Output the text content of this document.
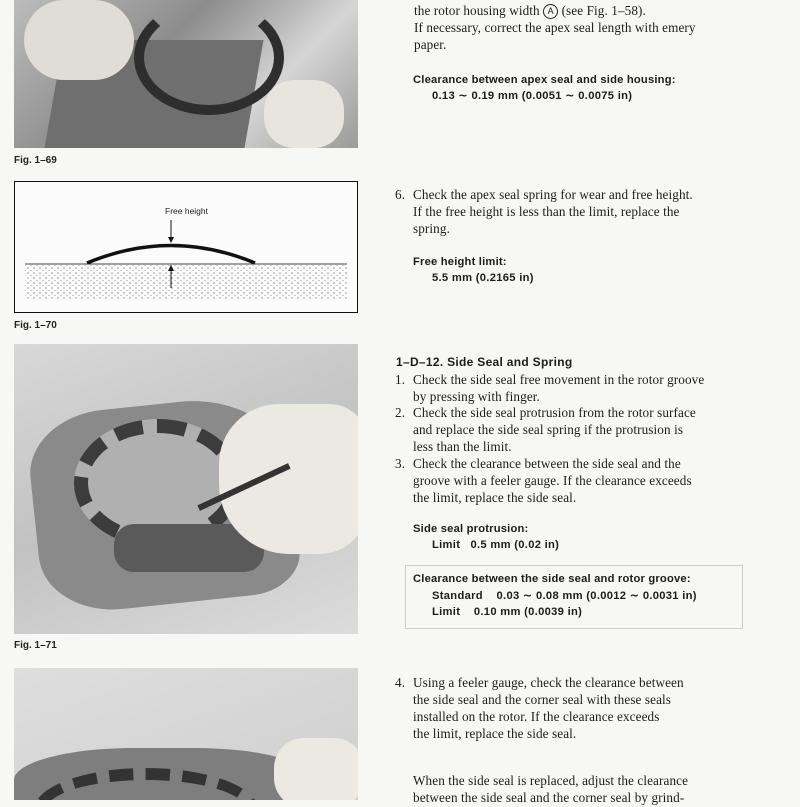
Fig. 1–69
Free height
Fig. 1–70
Fig. 1–71
the rotor housing width A (see Fig. 1–58).
If necessary, correct the apex seal length with emery
paper.
Clearance between apex seal and side housing:
0.13 ∼ 0.19 mm (0.0051 ∼ 0.0075 in)
6. Check the apex seal spring for wear and free height.
If the free height is less than the limit, replace the
spring.
Free height limit:
5.5 mm (0.2165 in)
1–D–12. Side Seal and Spring
1. Check the side seal free movement in the rotor groove
by pressing with finger.
2. Check the side seal protrusion from the rotor surface
and replace the side seal spring if the protrusion is
less than the limit.
3. Check the clearance between the side seal and the
groove with a feeler gauge. If the clearance exceeds
the limit, replace the side seal.
Side seal protrusion:
Limit 0.5 mm (0.02 in)
Clearance between the side seal and rotor groove:
Standard 0.03 ∼ 0.08 mm (0.0012 ∼ 0.0031 in)
Limit 0.10 mm (0.0039 in)
4. Using a feeler gauge, check the clearance between
the side seal and the corner seal with these seals
installed on the rotor. If the clearance exceeds
the limit, replace the side seal.
When the side seal is replaced, adjust the clearance
between the side seal and the corner seal by grind-
